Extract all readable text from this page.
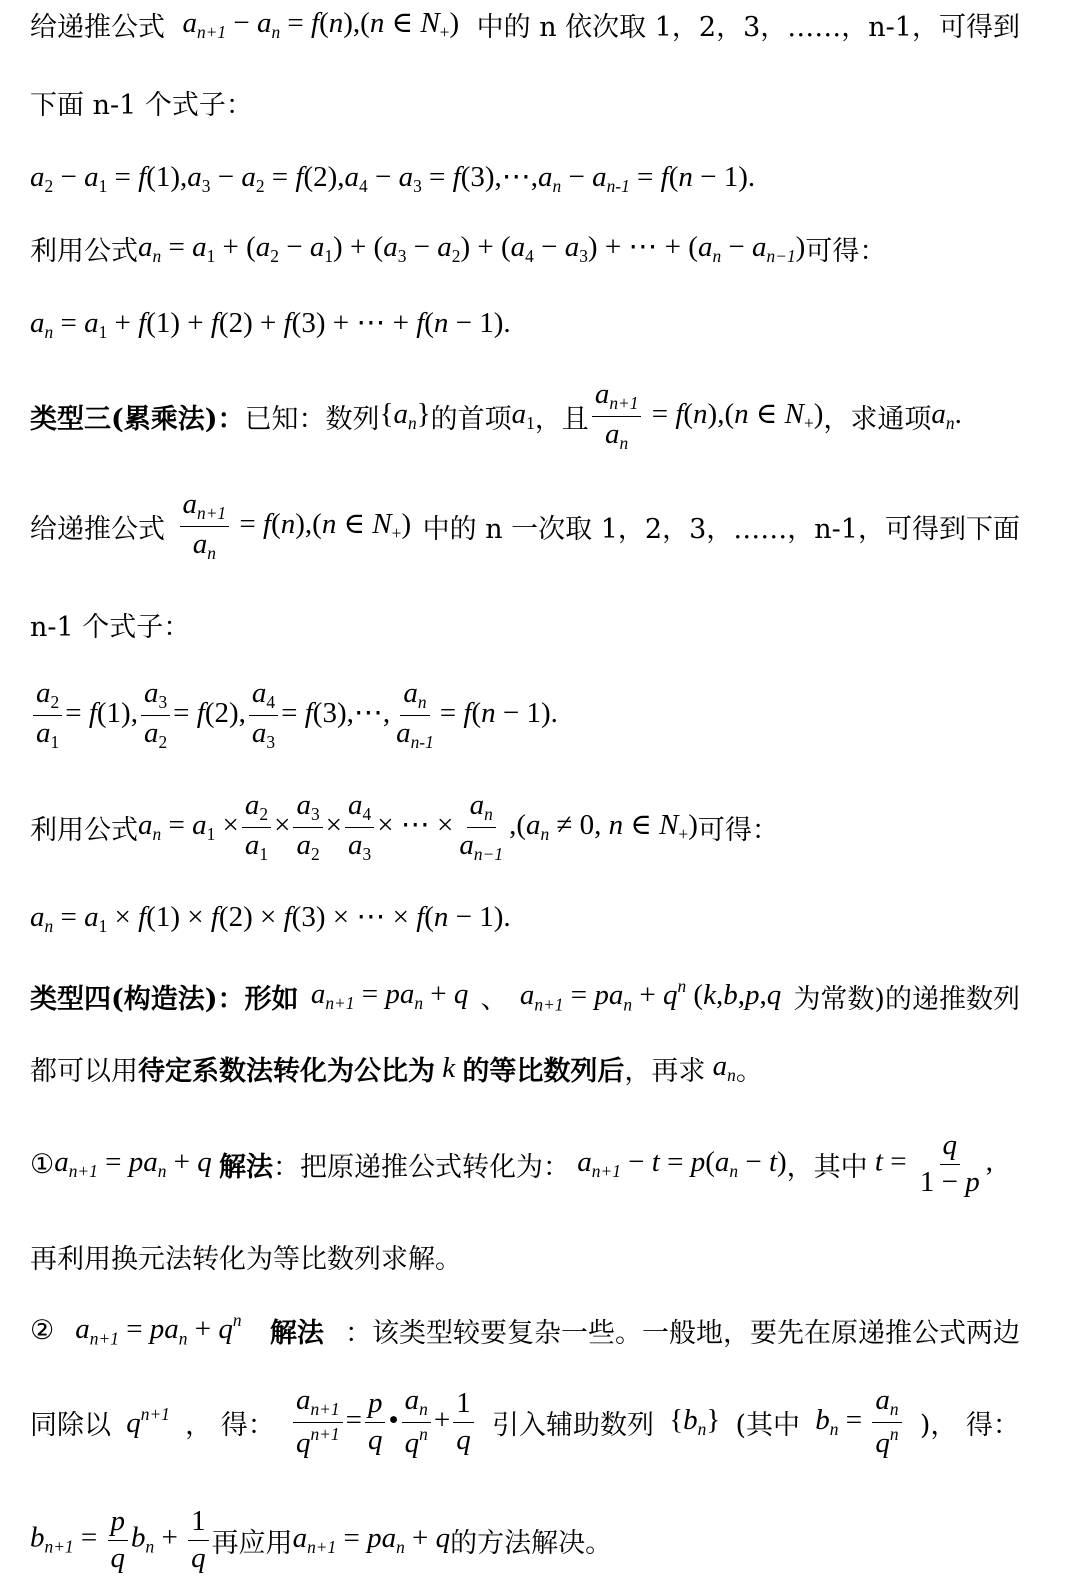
给递推公式 $a_{n+1} - a_n = f(n),(n$ ∈ $N_+$) 中的 n 依次取 1，2，3，……，n-1，可得到
下面 n-1 个式子：
$a_2 - a_1 = f(1),a_3 - a_2 = f(2),a_4 - a_3$ = $f(3),\cdots,a_n - a_{n-1} = f(n - 1)$.
利用公式 $a_n = a_1 + (a_2 - a_1) + (a_3 - a_2) + (a_4 - a_3)$ + ⋯ + $(a_n - a_{n-1})$ 可得：
$a_n = a_1 + f(1) + f(2) + f(3)$ + ⋯ + f(n − 1).
类型三(累乘法)： 已知：数列 $\{a_n\}$ 的首项 $a_1$ ，且 $\frac{a_{n+1}}{a_n} = f(n),(n$ ∈ $N_+$) ，求通项 $a_n$.
给递推公式 $\frac{a_{n+1}}{a_n} = f(n),(n$ ∈ $N_+$) 中的 n 一次取 1，2，3，……，n-1，可得到下面
n-1 个式子：
$\frac{a_2}{a_1} = f(1)$, $\frac{a_3}{a_2} = f(2)$, $\frac{a_4}{a_3}$ = f(3),⋯, $\frac{a_n}{a_{n-1}} = f(n - 1)$.
利用公式 $a_n = a_1 \times \frac{a_2}{a_1} \times \frac{a_3}{a_2} \times \frac{a_4}{a_3}$ × ⋯ × $\frac{a_n}{a_{n-1}} ,(a_n \ne 0$, n ∈ $N_+$) 可得：
$a_n = a_1 \times f(1) \times f(2) \times f(3)$ × ⋯ × f(n − 1).
类型四(构造法)：形如 $a_{n+1} = pa_n + q$ 、 $a_{n+1} = pa_n + q^n$ (k,b,p,q 为常数)的递推数列
都可以用 待定系数法转化为公比为 k 的等比数列后 ，再求 $a_n$ 。
① $a_{n+1} = pa_n + q$ 解法 ：把原递推公式转化为： $a_{n+1} - t = p(a_n - t)$ ，其中 $t = \frac{q}{1 - p}$ ,
再利用换元法转化为等比数列求解。
② $a_{n+1} = pa_n + q^n$ 解法 ：该类型较要复杂一些。一般地，要先在原递推公式两边
同除以 $q^{n+1}$ ， 得： $\frac{a_{n+1}}{q^{n+1}} = \frac{p}{q}$ • $\frac{a_n}{q^n} + \frac{1}{q}$ 引入辅助数列 $\{b_n\}$ (其中 $b_n = \frac{a_n}{q^n}$ )， 得：
$b_{n+1} = \frac{p}{q} b_n + \frac{1}{q}$ 再应用 $a_{n+1} = pa_n + q$ 的方法解决。
